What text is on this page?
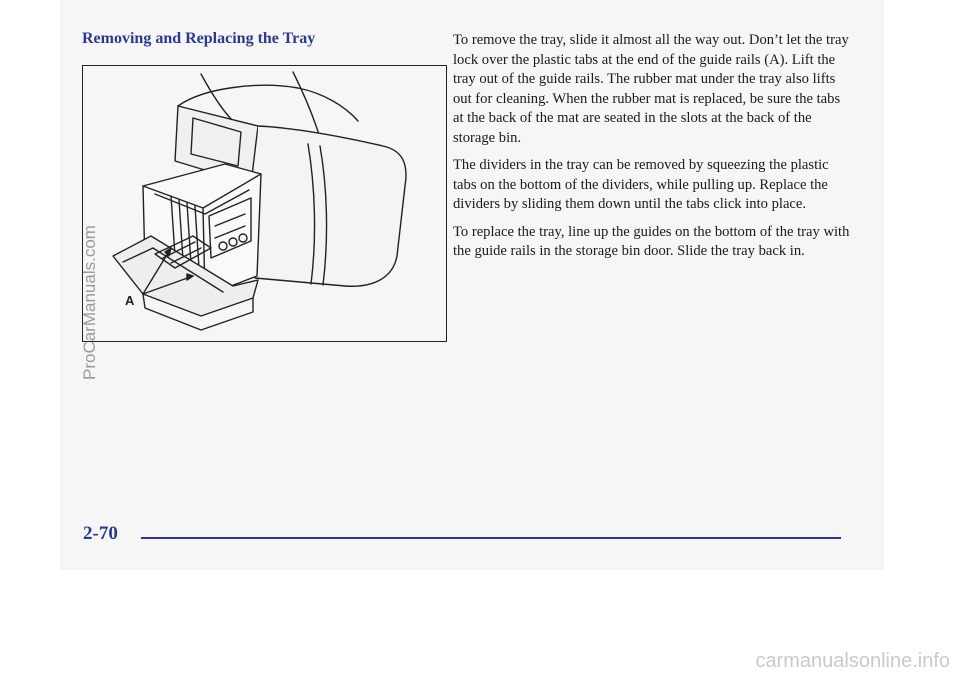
Removing and Replacing the Tray
A

To remove the tray, slide it almost all the way out. Don’t let the tray lock over the plastic tabs at the end of the guide rails (A). Lift the tray out of the guide rails. The rubber mat under the tray also lifts out for cleaning. When the rubber mat is replaced, be sure the tabs at the back of the mat are seated in the slots at the back of the storage bin.

The dividers in the tray can be removed by squeezing the plastic tabs on the bottom of the dividers, while pulling up. Replace the dividers by sliding them down until the tabs click into place.

To replace the tray, line up the guides on the bottom of the tray with the guide rails in the storage bin door. Slide the tray back in.

ProCarManuals.com
2-70
carmanualsonline.info
